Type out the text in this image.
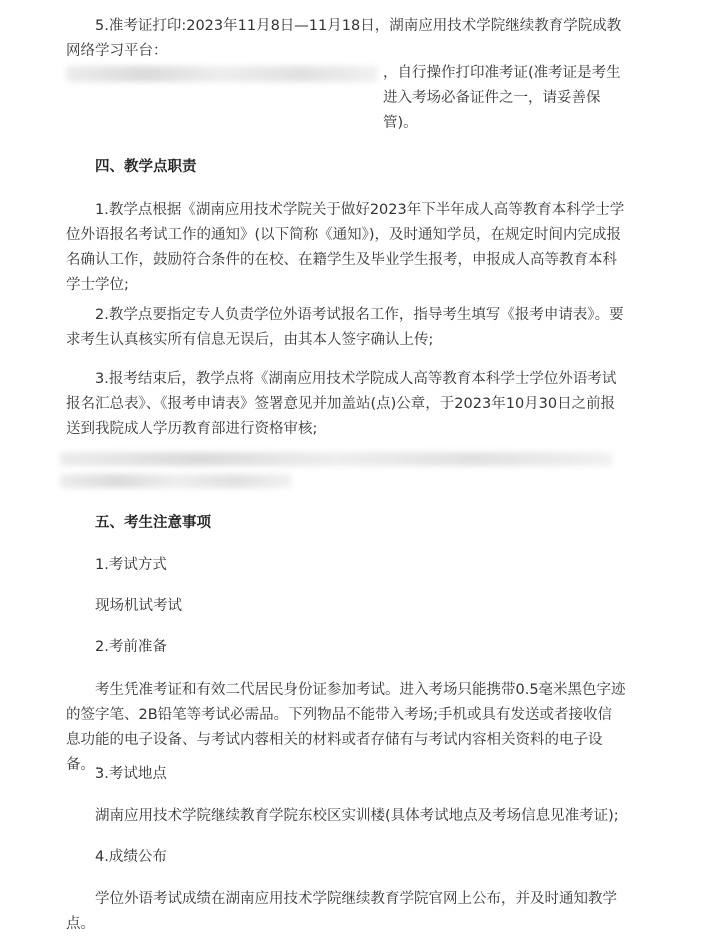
5.准考证打印:2023年11月8日—11月18日，湖南应用技术学院继续教育学院成教网络学习平台：

，自行操作打印准考证(准考证是考生进入考场必备证件之一，请妥善保管)。

四、教学点职责

1.教学点根据《湖南应用技术学院关于做好2023年下半年成人高等教育本科学士学位外语报名考试工作的通知》(以下简称《通知》)，及时通知学员，在规定时间内完成报名确认工作，鼓励符合条件的在校、在籍学生及毕业学生报考，申报成人高等教育本科学士学位;

2.教学点要指定专人负责学位外语考试报名工作，指导考生填写《报考申请表》。要求考生认真核实所有信息无误后，由其本人签字确认上传;

3.报考结束后，教学点将《湖南应用技术学院成人高等教育本科学士学位外语考试报名汇总表》、《报考申请表》签署意见并加盖站(点)公章，于2023年10月30日之前报送到我院成人学历教育部进行资格审核;

五、考生注意事项

1.考试方式

现场机试考试

2.考前准备

考生凭准考证和有效二代居民身份证参加考试。进入考场只能携带0.5毫米黑色字迹的签字笔、2B铅笔等考试必需品。下列物品不能带入考场;手机或具有发送或者接收信息功能的电子设备、与考试内蓉相关的材料或者存储有与考试内容相关资料的电子设备。.

3.考试地点

湖南应用技术学院继续教育学院东校区实训楼(具体考试地点及考场信息见准考证);

4.成绩公布

学位外语考试成绩在湖南应用技术学院继续教育学院官网上公布，并及时通知教学点。
